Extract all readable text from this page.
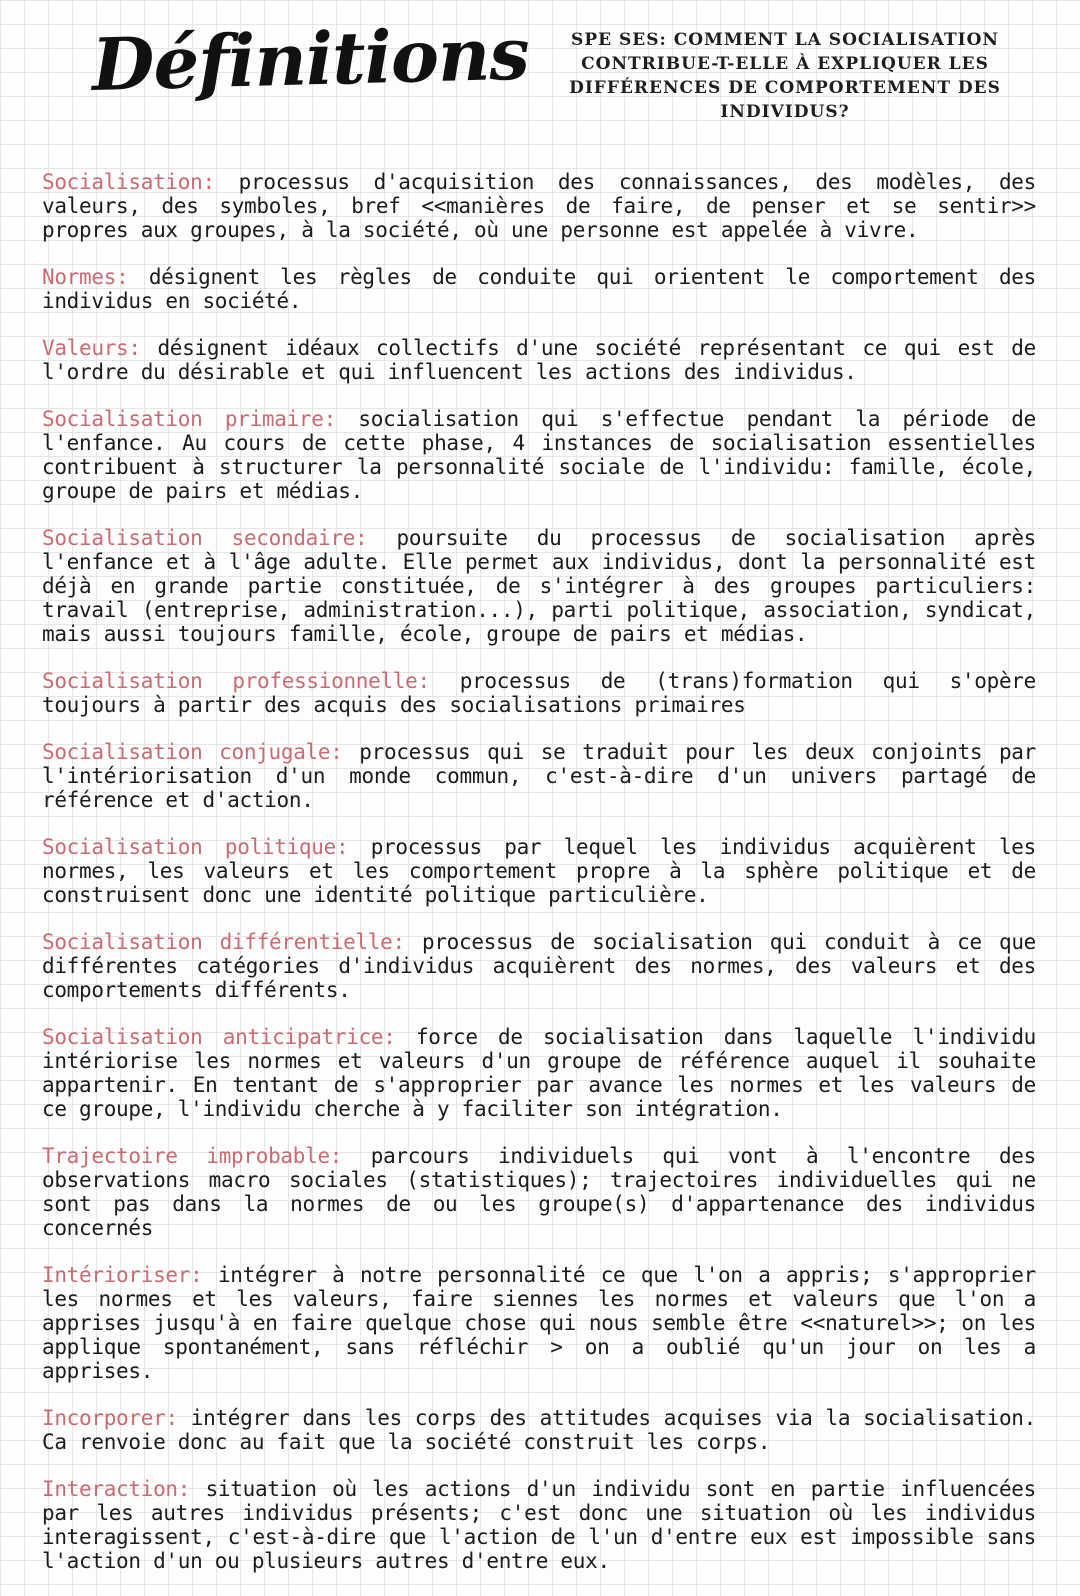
Définitions	SPE SES: COMMENT LA SOCIALISATION CONTRIBUE-T-ELLE À EXPLIQUER LES DIFFÉRENCES DE COMPORTEMENT DES INDIVIDUS?

Socialisation: processus d'acquisition des connaissances, des modèles, des valeurs, des symboles, bref <<manières de faire, de penser et se sentir>> propres aux groupes, à la société, où une personne est appelée à vivre.

Normes: désignent les règles de conduite qui orientent le comportement des individus en société.

Valeurs: désignent idéaux collectifs d'une société représentant ce qui est de l'ordre du désirable et qui influencent les actions des individus.

Socialisation primaire: socialisation qui s'effectue pendant la période de l'enfance. Au cours de cette phase, 4 instances de socialisation essentielles contribuent à structurer la personnalité sociale de l'individu: famille, école, groupe de pairs et médias.

Socialisation secondaire: poursuite du processus de socialisation après l'enfance et à l'âge adulte. Elle permet aux individus, dont la personnalité est déjà en grande partie constituée, de s'intégrer à des groupes particuliers: travail (entreprise, administration...), parti politique, association, syndicat, mais aussi toujours famille, école, groupe de pairs et médias.

Socialisation professionnelle: processus de (trans)formation qui s'opère toujours à partir des acquis des socialisations primaires

Socialisation conjugale: processus qui se traduit pour les deux conjoints par l'intériorisation d'un monde commun, c'est-à-dire d'un univers partagé de référence et d'action.

Socialisation politique: processus par lequel les individus acquièrent les normes, les valeurs et les comportement propre à la sphère politique et de construisent donc une identité politique particulière.

Socialisation différentielle: processus de socialisation qui conduit à ce que différentes catégories d'individus acquièrent des normes, des valeurs et des comportements différents.

Socialisation anticipatrice: force de socialisation dans laquelle l'individu intériorise les normes et valeurs d'un groupe de référence auquel il souhaite appartenir. En tentant de s'approprier par avance les normes et les valeurs de ce groupe, l'individu cherche à y faciliter son intégration.

Trajectoire improbable: parcours individuels qui vont à l'encontre des observations macro sociales (statistiques); trajectoires individuelles qui ne sont pas dans la normes de ou les groupe(s) d'appartenance des individus concernés

Intérioriser: intégrer à notre personnalité ce que l'on a appris; s'approprier les normes et les valeurs, faire siennes les normes et valeurs que l'on a apprises jusqu'à en faire quelque chose qui nous semble être <<naturel>>; on les applique spontanément, sans réfléchir > on a oublié qu'un jour on les a apprises.

Incorporer: intégrer dans les corps des attitudes acquises via la socialisation. Ca renvoie donc au fait que la société construit les corps.

Interaction: situation où les actions d'un individu sont en partie influencées par les autres individus présents; c'est donc une situation où les individus interagissent, c'est-à-dire que l'action de l'un d'entre eux est impossible sans l'action d'un ou plusieurs autres d'entre eux.
